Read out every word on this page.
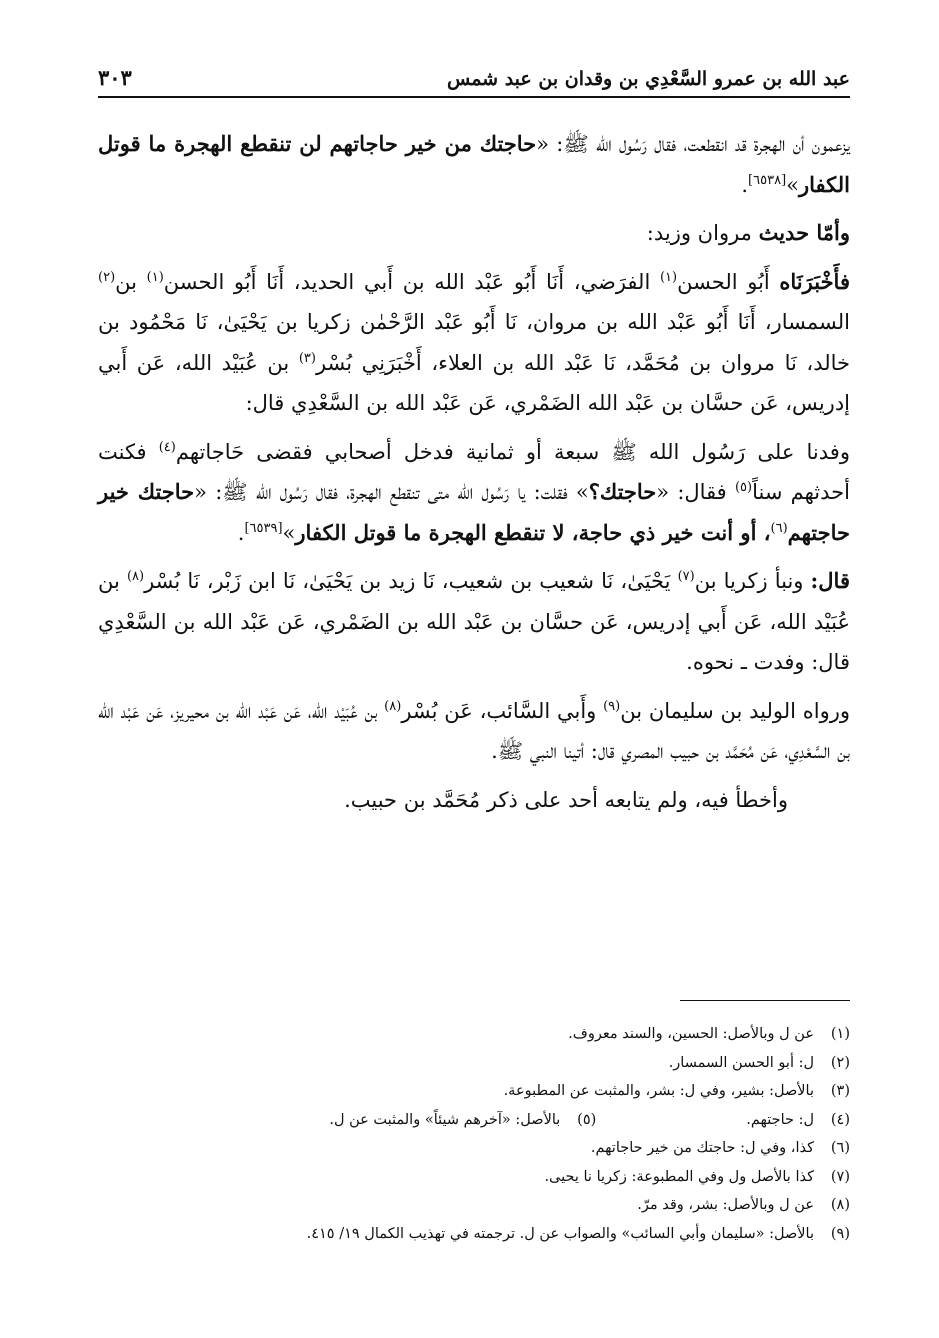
٣٠٣	عبد الله بن عمرو السَّعْدِي بن وقدان بن عبد شمس

يزعمون أن الهجرة قد انقطعت، فقال رَسُول الله ﷺ: «حاجتك من خير حاجاتهم لن تنقطع الهجرة ما قوتل الكفار»[٦٥٣٨].

وأمّا حديث مروان وزيد:

فأَخْبَرَنَاه أَبُو الحسن$^{(١)}$ الفرَضي، أَنَا أَبُو عَبْد الله بن أَبي الحديد، أَنَا أَبُو الحسن$^{(١)}$ بن$^{(٢)}$ السمسار، أَنَا أَبُو عَبْد الله بن مروان، نَا أَبُو عَبْد الرَّحْمٰن زكريا بن يَحْيَىٰ، نَا مَحْمُود بن خالد، نَا مروان بن مُحَمَّد، نَا عَبْد الله بن العلاء، أَخْبَرَنِي بُسْر$^{(٣)}$ بن عُبَيْد الله، عَن أَبي إدريس، عَن حسَّان بن عَبْد الله الضَمْري، عَن عَبْد الله بن السَّعْدِي قال:

وفدنا على رَسُول الله ﷺ سبعة أو ثمانية فدخل أصحابي فقضى حَاجاتهم$^{(٤)}$ فكنت أحدثهم سناً$^{(٥)}$ فقال: «حاجتك؟» فقلت: يا رَسُول الله متى تنقطع الهجرة، فقال رَسُول الله ﷺ: «حاجتك خير حاجتهم$^{(٦)}$، أو أنت خير ذي حاجة، لا تنقطع الهجرة ما قوتل الكفار»[٦٥٣٩].

قال: ونبأ زكريا بن$^{(٧)}$ يَحْيَىٰ، نَا شعيب بن شعيب، نَا زيد بن يَحْيَىٰ، نَا ابن زَبْر، نَا بُسْر$^{(٨)}$ بن عُبَيْد الله، عَن أَبي إدريس، عَن حسَّان بن عَبْد الله بن الضَمْري، عَن عَبْد الله بن السَّعْدِي قال: وفدت ـ نحوه.

ورواه الوليد بن سليمان بن$^{(٩)}$ وأَبي السَّائب، عَن بُسْر$^{(٨)}$ بن عُبَيْد الله، عَن عَبْد الله بن محيريز، عَن عَبْد الله بن السَّعْدِي، عَن مُحَمَّد بن حبيب المصري قال: أتينا النبي ﷺ.

وأخطأ فيه، ولم يتابعه أحد على ذكر مُحَمَّد بن حبيب.

(١)
عن ل وبالأصل: الحسين، والسند معروف.
(٢)
ل: أبو الحسن السمسار.
(٣)
بالأصل: بشير، وفي ل: بشر، والمثبت عن المطبوعة.
(٤)
ل: حاجتهم.
(٥)
بالأصل: «آخرهم شيئاً» والمثبت عن ل.
(٦)
كذا، وفي ل: حاجتك من خير حاجاتهم.
(٧)
كذا بالأصل ول وفي المطبوعة: زكريا نا يحيى.
(٨)
عن ل وبالأصل: بشر، وقد مرّ.
(٩)
بالأصل: «سليمان وأبي السائب» والصواب عن ل. ترجمته في تهذيب الكمال ١٩/ ٤١٥.
